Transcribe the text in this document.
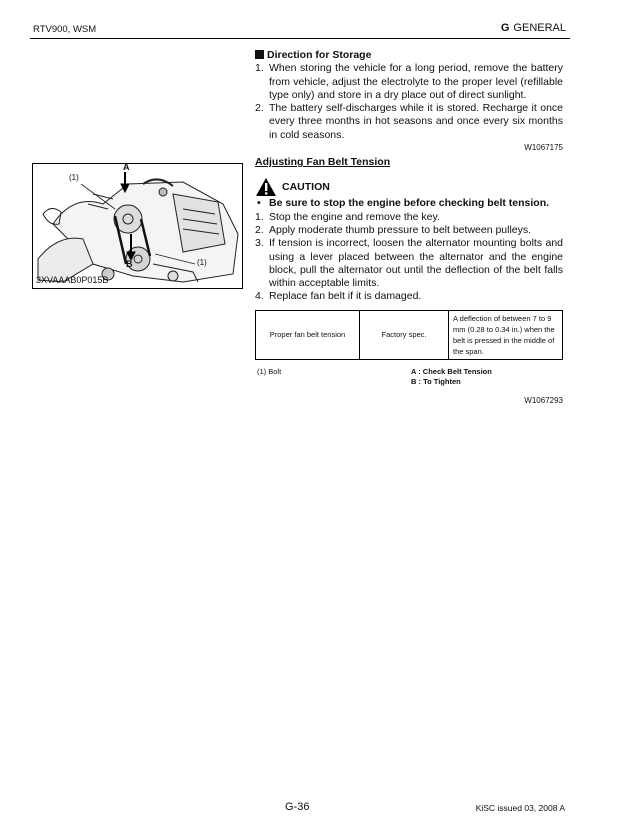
RTV900, WSM	G GENERAL
A
B
(1)
(1)
3XVAAAB0P015B
Direction for Storage
1. When storing the vehicle for a long period, remove the battery from vehicle, adjust the electrolyte to the proper level (refillable type only) and store in a dry place out of direct sunlight.
2. The battery self-discharges while it is stored. Recharge it once every three months in hot seasons and once every six months in cold seasons.
W1067175
Adjusting Fan Belt Tension
CAUTION
• Be sure to stop the engine before checking belt tension.
1. Stop the engine and remove the key.
2. Apply moderate thumb pressure to belt between pulleys.
3. If tension is incorrect, loosen the alternator mounting bolts and using a lever placed between the alternator and the engine block, pull the alternator out until the deflection of the belt falls within acceptable limits.
4. Replace fan belt if it is damaged.
Proper fan belt tension	Factory spec.	A deflection of between 7 to 9 mm (0.28 to 0.34 in.) when the belt is pressed in the middle of the span.
(1) Bolt	A : Check Belt Tension
B : To Tighten
W1067293
G-36	KiSC issued 03, 2008 A
